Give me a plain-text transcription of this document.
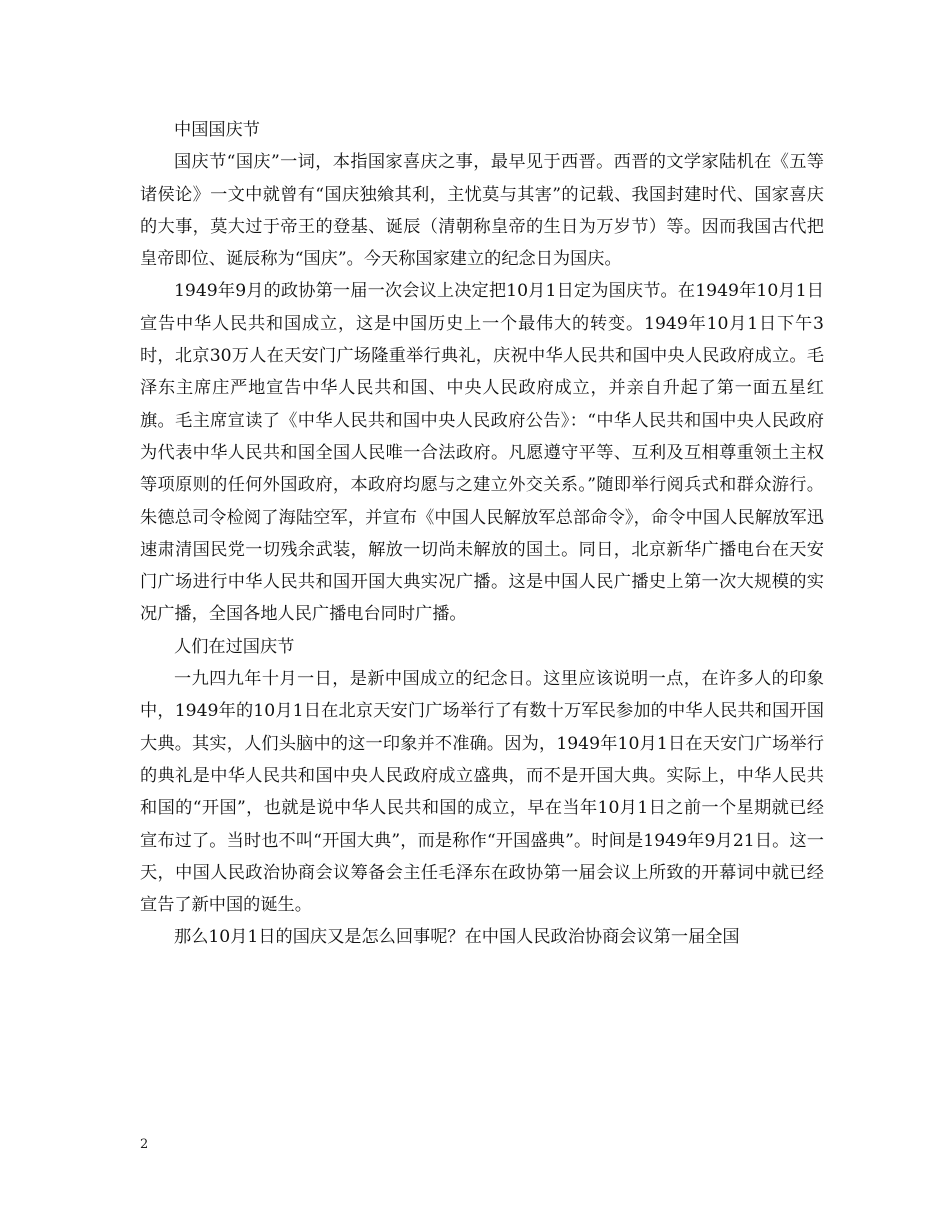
中国国庆节

国庆节“国庆”一词，本指国家喜庆之事，最早见于西晋。西晋的文学家陆机在《五等诸侯论》一文中就曾有“国庆独飨其利，主忧莫与其害”的记载、我国封建时代、国家喜庆的大事，莫大过于帝王的登基、诞辰（清朝称皇帝的生日为万岁节）等。因而我国古代把皇帝即位、诞辰称为“国庆”。今天称国家建立的纪念日为国庆。

1949年9月的政协第一届一次会议上决定把10月1日定为国庆节。在1949年10月1日宣告中华人民共和国成立，这是中国历史上一个最伟大的转变。1949年10月1日下午3时，北京30万人在天安门广场隆重举行典礼，庆祝中华人民共和国中央人民政府成立。毛泽东主席庄严地宣告中华人民共和国、中央人民政府成立，并亲自升起了第一面五星红旗。毛主席宣读了《中华人民共和国中央人民政府公告》：“中华人民共和国中央人民政府为代表中华人民共和国全国人民唯一合法政府。凡愿遵守平等、互利及互相尊重领土主权等项原则的任何外国政府，本政府均愿与之建立外交关系。”随即举行阅兵式和群众游行。朱德总司令检阅了海陆空军，并宣布《中国人民解放军总部命令》，命令中国人民解放军迅速肃清国民党一切残余武装，解放一切尚未解放的国土。同日，北京新华广播电台在天安门广场进行中华人民共和国开国大典实况广播。这是中国人民广播史上第一次大规模的实况广播，全国各地人民广播电台同时广播。

人们在过国庆节

一九四九年十月一日，是新中国成立的纪念日。这里应该说明一点，在许多人的印象中，1949年的10月1日在北京天安门广场举行了有数十万军民参加的中华人民共和国开国大典。其实，人们头脑中的这一印象并不准确。因为，1949年10月1日在天安门广场举行的典礼是中华人民共和国中央人民政府成立盛典，而不是开国大典。实际上，中华人民共和国的“开国”，也就是说中华人民共和国的成立，早在当年10月1日之前一个星期就已经宣布过了。当时也不叫“开国大典”，而是称作“开国盛典”。时间是1949年9月21日。这一天，中国人民政治协商会议筹备会主任毛泽东在政协第一届会议上所致的开幕词中就已经宣告了新中国的诞生。

那么10月1日的国庆又是怎么回事呢？在中国人民政治协商会议第一届全国

2
